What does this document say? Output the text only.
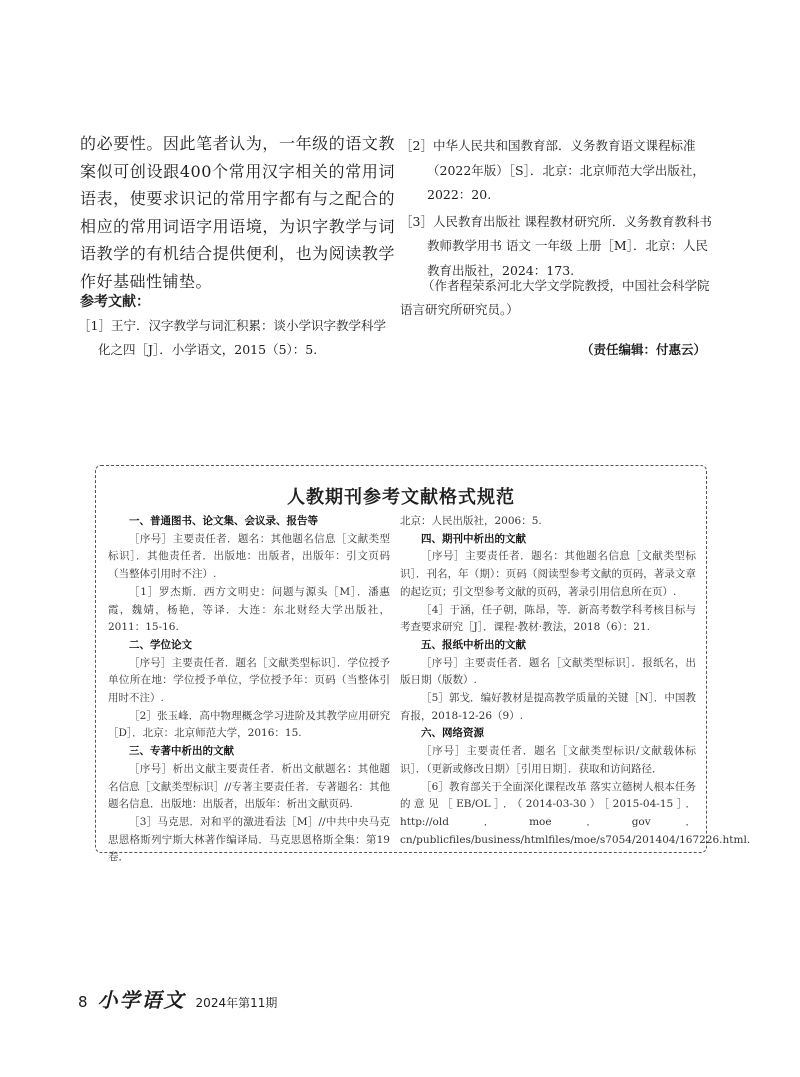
的必要性。因此笔者认为，一年级的语文教案似可创设跟400个常用汉字相关的常用词语表，使要求识记的常用字都有与之配合的相应的常用词语字用语境，为识字教学与词语教学的有机结合提供便利，也为阅读教学作好基础性铺垫。

参考文献：

［1］王宁．汉字教学与词汇积累：谈小学识字教学科学化之四［J］．小学语文，2015（5）：5.
［2］中华人民共和国教育部．义务教育语文课程标准（2022年版）［S］．北京：北京师范大学出版社，2022：20.
［3］人民教育出版社 课程教材研究所．义务教育教科书 教师教学用书 语文 一年级 上册［M］．北京：人民教育出版社，2024：173.

（作者程荣系河北大学文学院教授，中国社会科学院语言研究所研究员。）

（责任编辑：付惠云）

人教期刊参考文献格式规范

一、普通图书、论文集、会议录、报告等

［序号］主要责任者．题名：其他题名信息［文献类型标识］．其他责任者．出版地：出版者，出版年：引文页码（当整体引用时不注）.

［1］罗杰斯．西方文明史：问题与源头［M］．潘惠霞，魏婧，杨艳，等译．大连：东北财经大学出版社，2011：15-16.

二、学位论文

［序号］主要责任者．题名［文献类型标识］．学位授予单位所在地：学位授予单位，学位授予年：页码（当整体引用时不注）.

［2］张玉峰．高中物理概念学习进阶及其教学应用研究［D］．北京：北京师范大学，2016：15.

三、专著中析出的文献

［序号］析出文献主要责任者．析出文献题名：其他题名信息［文献类型标识］//专著主要责任者．专著题名：其他题名信息．出版地：出版者，出版年：析出文献页码.

［3］马克思．对和平的激进看法［M］//中共中央马克思恩格斯列宁斯大林著作编译局．马克思恩格斯全集：第19卷．

北京：人民出版社，2006：5.

四、期刊中析出的文献

［序号］主要责任者．题名：其他题名信息［文献类型标识］．刊名，年（期）：页码（阅读型参考文献的页码，著录文章的起讫页；引文型参考文献的页码，著录引用信息所在页）.

［4］于涵，任子朝，陈昂，等．新高考数学科考核目标与考查要求研究［J］．课程·教材·教法，2018（6）：21.

五、报纸中析出的文献

［序号］主要责任者．题名［文献类型标识］．报纸名，出版日期（版数）.

［5］郭戈．编好教材是提高教学质量的关键［N］．中国教育报，2018-12-26（9）.

六、网络资源

［序号］主要责任者．题名［文献类型标识/文献载体标识］．（更新或修改日期）［引用日期］．获取和访问路径．

［6］教育部关于全面深化课程改革 落实立德树人根本任务的意见［EB/OL］．（2014-03-30）［2015-04-15］．http://old．moe．gov．cn/publicfiles/business/htmlfiles/moe/s7054/201404/167226.html.

8 小学语文 2024年第11期
